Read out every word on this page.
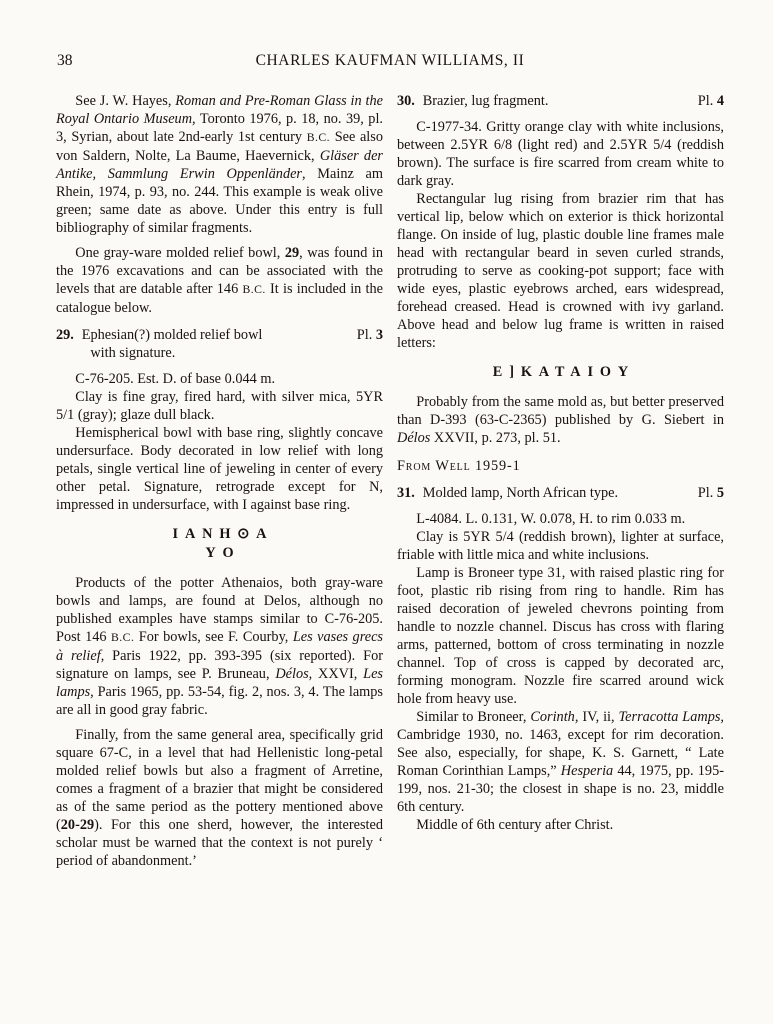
38	CHARLES KAUFMAN WILLIAMS, II

See J. W. Hayes, Roman and Pre-Roman Glass in the Royal Ontario Museum, Toronto 1976, p. 18, no. 39, pl. 3, Syrian, about late 2nd-early 1st century B.C. See also von Saldern, Nolte, La Baume, Haevernick, Gläser der Antike, Sammlung Erwin Oppenländer, Mainz am Rhein, 1974, p. 93, no. 244. This example is weak olive green; same date as above. Under this entry is full bibliography of similar fragments.

One gray-ware molded relief bowl, 29, was found in the 1976 excavations and can be associated with the levels that are datable after 146 B.C. It is included in the catalogue below.

29. Ephesian(?) molded relief bowl
with signature.
Pl. 3

C-76-205. Est. D. of base 0.044 m.

Clay is fine gray, fired hard, with silver mica, 5YR 5/1 (gray); glaze dull black.

Hemispherical bowl with base ring, slightly concave undersurface. Body decorated in low relief with long petals, single vertical line of jeweling in center of every other petal. Signature, retrograde except for N, impressed in undersurface, with I against base ring.

IANH⊙A
YO

Products of the potter Athenaios, both gray-ware bowls and lamps, are found at Delos, although no published examples have stamps similar to C-76-205. Post 146 B.C. For bowls, see F. Courby, Les vases grecs à relief, Paris 1922, pp. 393-395 (six reported). For signature on lamps, see P. Bruneau, Délos, XXVI, Les lamps, Paris 1965, pp. 53-54, fig. 2, nos. 3, 4. The lamps are all in good gray fabric.

Finally, from the same general area, specifically grid square 67-C, in a level that had Hellenistic long-petal molded relief bowls but also a fragment of Arretine, comes a fragment of a brazier that might be considered as of the same period as the pottery mentioned above (20-29). For this one sherd, however, the interested scholar must be warned that the context is not purely ‘ period of abandonment.’

30. Brazier, lug fragment.	Pl. 4

C-1977-34. Gritty orange clay with white inclusions, between 2.5YR 6/8 (light red) and 2.5YR 5/4 (reddish brown). The surface is fire scarred from cream white to dark gray.

Rectangular lug rising from brazier rim that has vertical lip, below which on exterior is thick horizontal flange. On inside of lug, plastic double line frames male head with rectangular beard in seven curled strands, protruding to serve as cooking-pot support; face with wide eyes, plastic eyebrows arched, ears widespread, forehead creased. Head is crowned with ivy garland. Above head and below lug frame is written in raised letters:

E]KATAIOY

Probably from the same mold as, but better preserved than D-393 (63-C-2365) published by G. Siebert in Délos XXVII, p. 273, pl. 51.

From Well 1959-1
31. Molded lamp, North African type.	Pl. 5

L-4084. L. 0.131, W. 0.078, H. to rim 0.033 m.

Clay is 5YR 5/4 (reddish brown), lighter at surface, friable with little mica and white inclusions.

Lamp is Broneer type 31, with raised plastic ring for foot, plastic rib rising from ring to handle. Rim has raised decoration of jeweled chevrons pointing from handle to nozzle channel. Discus has cross with flaring arms, patterned, bottom of cross terminating in nozzle channel. Top of cross is capped by decorated arc, forming monogram. Nozzle fire scarred around wick hole from heavy use.

Similar to Broneer, Corinth, IV, ii, Terracotta Lamps, Cambridge 1930, no. 1463, except for rim decoration. See also, especially, for shape, K. S. Garnett, “ Late Roman Corinthian Lamps,” Hesperia 44, 1975, pp. 195-199, nos. 21-30; the closest in shape is no. 23, middle 6th century.

Middle of 6th century after Christ.
